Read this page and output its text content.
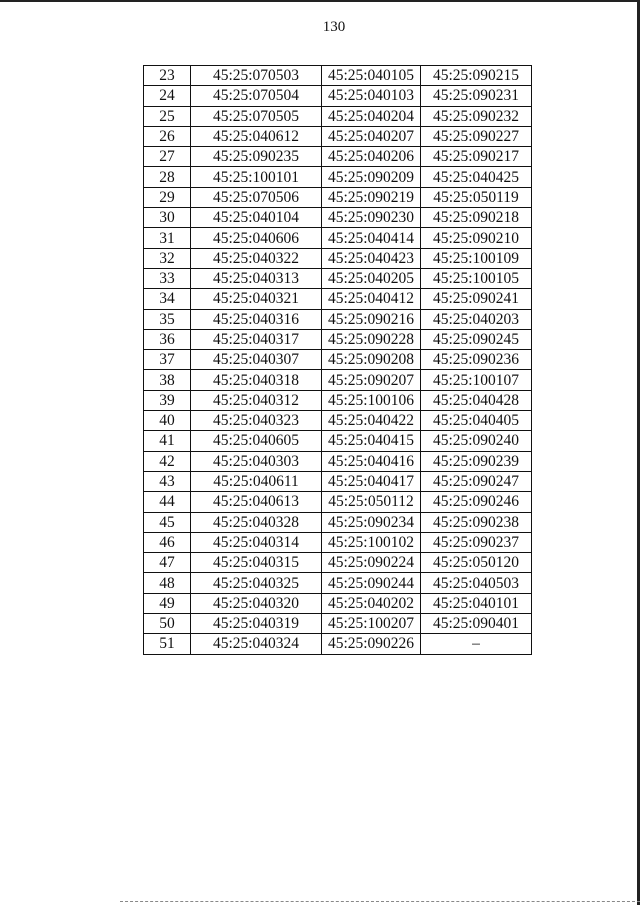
130
23	45:25:070503	45:25:040105	45:25:090215
24	45:25:070504	45:25:040103	45:25:090231
25	45:25:070505	45:25:040204	45:25:090232
26	45:25:040612	45:25:040207	45:25:090227
27	45:25:090235	45:25:040206	45:25:090217
28	45:25:100101	45:25:090209	45:25:040425
29	45:25:070506	45:25:090219	45:25:050119
30	45:25:040104	45:25:090230	45:25:090218
31	45:25:040606	45:25:040414	45:25:090210
32	45:25:040322	45:25:040423	45:25:100109
33	45:25:040313	45:25:040205	45:25:100105
34	45:25:040321	45:25:040412	45:25:090241
35	45:25:040316	45:25:090216	45:25:040203
36	45:25:040317	45:25:090228	45:25:090245
37	45:25:040307	45:25:090208	45:25:090236
38	45:25:040318	45:25:090207	45:25:100107
39	45:25:040312	45:25:100106	45:25:040428
40	45:25:040323	45:25:040422	45:25:040405
41	45:25:040605	45:25:040415	45:25:090240
42	45:25:040303	45:25:040416	45:25:090239
43	45:25:040611	45:25:040417	45:25:090247
44	45:25:040613	45:25:050112	45:25:090246
45	45:25:040328	45:25:090234	45:25:090238
46	45:25:040314	45:25:100102	45:25:090237
47	45:25:040315	45:25:090224	45:25:050120
48	45:25:040325	45:25:090244	45:25:040503
49	45:25:040320	45:25:040202	45:25:040101
50	45:25:040319	45:25:100207	45:25:090401
51	45:25:040324	45:25:090226	–
